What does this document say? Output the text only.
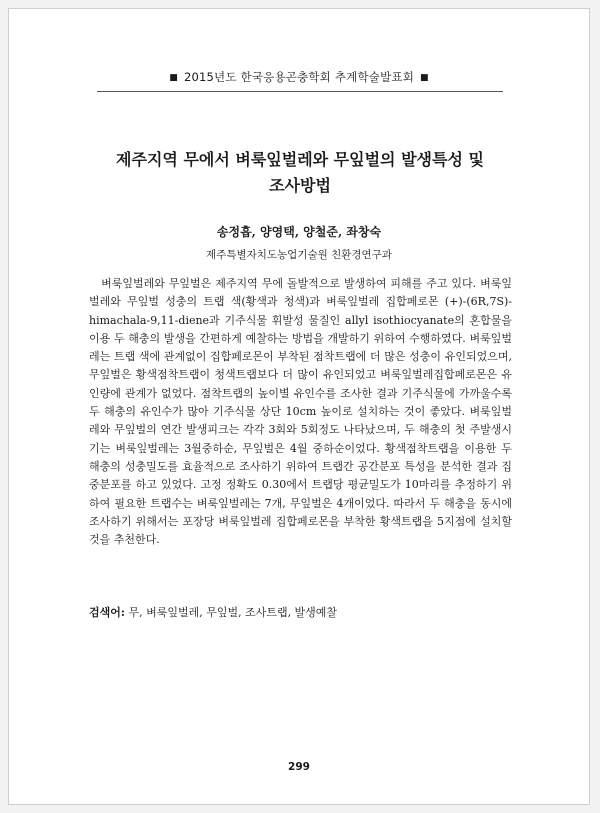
■ 2015년도 한국응용곤충학회 추계학술발표회 ■
제주지역 무에서 벼룩잎벌레와 무잎벌의 발생특성 및
조사방법
송정흡, 양영택, 양철준, 좌창숙
제주특별자치도농업기술원 친환경연구과
벼룩잎벌레와 무잎벌은 제주지역 무에 돌발적으로 발생하여 피해를 주고 있다. 벼룩잎벌레와 무잎벌 성충의 트랩 색(황색과 청색)과 벼룩잎벌레 집합페로몬 (+)-(6R,7S)-himachala-9,11-diene과 기주식물 휘발성 물질인 allyl isothiocyanate의 혼합물을 이용 두 해충의 발생을 간편하게 예찰하는 방법을 개발하기 위하여 수행하였다. 벼룩잎벌레는 트랩 색에 관계없이 집합페로몬이 부착된 점착트랩에 더 많은 성충이 유인되었으며, 무잎벌은 황색점착트랩이 청색트랩보다 더 많이 유인되었고 벼룩잎벌레집합페로몬은 유인량에 관계가 없었다. 점착트랩의 높이별 유인수를 조사한 결과 기주식물에 가까울수록 두 해충의 유인수가 많아 기주식물 상단 10cm 높이로 설치하는 것이 좋았다. 벼룩잎벌레와 무잎벌의 연간 발생피크는 각각 3회와 5회정도 나타났으며, 두 해충의 첫 주발생시기는 벼룩잎벌레는 3월중하순, 무잎벌은 4월 중하순이었다. 황색점착트랩을 이용한 두 해충의 성충밀도를 효율적으로 조사하기 위하여 트랩간 공간분포 특성을 분석한 결과 집중분포를 하고 있었다. 고정 정확도 0.30에서 트랩당 평균밀도가 10마리를 추정하기 위하여 필요한 트랩수는 벼룩잎벌레는 7개, 무잎벌은 4개이었다. 따라서 두 해충을 동시에 조사하기 위해서는 포장당 벼룩잎벌레 집합페로몬을 부착한 황색트랩을 5지점에 설치할 것을 추천한다.
검색어: 무, 벼룩잎벌레, 무잎벌, 조사트랩, 발생예찰
299
